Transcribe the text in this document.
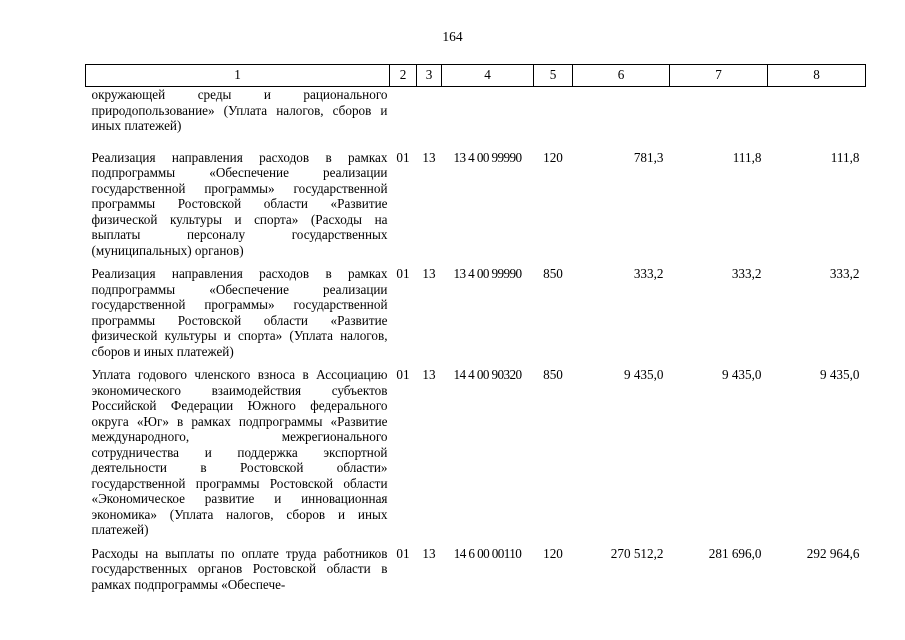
164
1	2	3	4	5	6	7	8
окружающей среды и рационального природопользование» (Уплата налогов, сборов и иных платежей)							
Реализация направления расходов в рамках подпрограммы «Обеспечение реализации государственной программы» государственной программы Ростовской области «Развитие физической культуры и спорта» (Расходы на выплаты персоналу государственных (муниципальных) органов)	01	13	13 4 00 99990	120	781,3	111,8	111,8
Реализация направления расходов в рамках подпрограммы «Обеспечение реализации государственной программы» государственной программы Ростовской области «Развитие физической культуры и спорта» (Уплата налогов, сборов и иных платежей)	01	13	13 4 00 99990	850	333,2	333,2	333,2
Уплата годового членского взноса в Ассоциацию экономического взаимодействия субъектов Российской Федерации Южного федерального округа «Юг» в рамках подпрограммы «Развитие международного, межрегионального сотрудничества и поддержка экспортной деятельности в Ростовской области» государственной программы Ростовской области «Экономическое развитие и инновационная экономика» (Уплата налогов, сборов и иных платежей)	01	13	14 4 00 90320	850	9 435,0	9 435,0	9 435,0
Расходы на выплаты по оплате труда работников государственных органов Ростовской области в рамках подпрограммы «Обеспече-	01	13	14 6 00 00110	120	270 512,2	281 696,0	292 964,6
